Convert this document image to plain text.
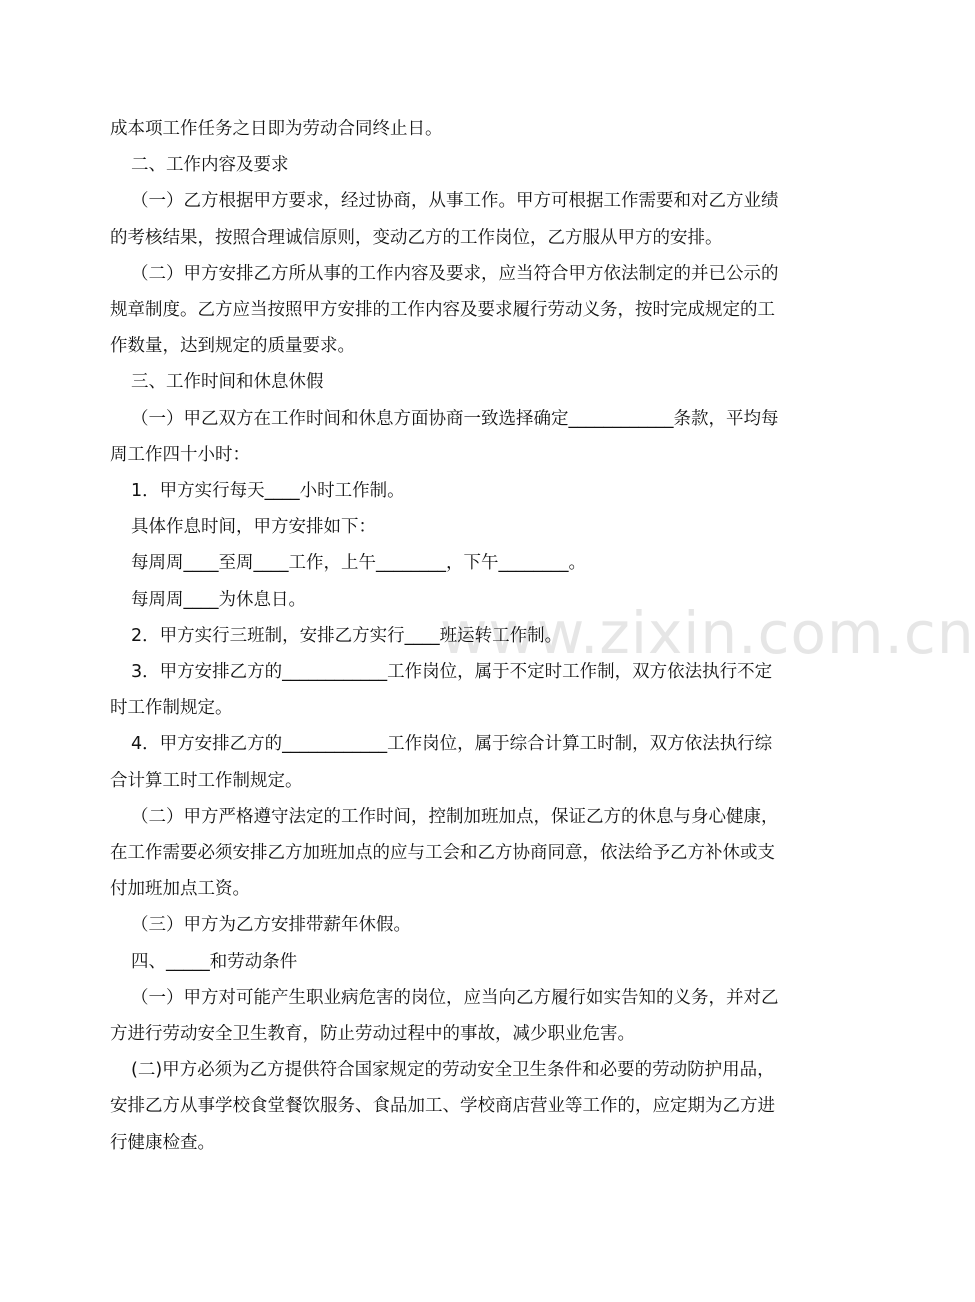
www.zixin.com.cn
成本项工作任务之日即为劳动合同终止日。
二、工作内容及要求
（一）乙方根据甲方要求，经过协商，从事工作。甲方可根据工作需要和对乙方业绩
的考核结果，按照合理诚信原则，变动乙方的工作岗位，乙方服从甲方的安排。
（二）甲方安排乙方所从事的工作内容及要求，应当符合甲方依法制定的并已公示的
规章制度。乙方应当按照甲方安排的工作内容及要求履行劳动义务，按时完成规定的工
作数量，达到规定的质量要求。
三、工作时间和休息休假
（一）甲乙双方在工作时间和休息方面协商一致选择确定____________条款，平均每
周工作四十小时：
1．甲方实行每天____小时工作制。
具体作息时间，甲方安排如下：
每周周____至周____工作，上午________，下午________。
每周周____为休息日。
2．甲方实行三班制，安排乙方实行____班运转工作制。
3．甲方安排乙方的____________工作岗位，属于不定时工作制，双方依法执行不定
时工作制规定。
4．甲方安排乙方的____________工作岗位，属于综合计算工时制，双方依法执行综
合计算工时工作制规定。
（二）甲方严格遵守法定的工作时间，控制加班加点，保证乙方的休息与身心健康，
在工作需要必须安排乙方加班加点的应与工会和乙方协商同意，依法给予乙方补休或支
付加班加点工资。
（三）甲方为乙方安排带薪年休假。
四、_____和劳动条件
（一）甲方对可能产生职业病危害的岗位，应当向乙方履行如实告知的义务，并对乙
方进行劳动安全卫生教育，防止劳动过程中的事故，减少职业危害。
(二)甲方必须为乙方提供符合国家规定的劳动安全卫生条件和必要的劳动防护用品，
安排乙方从事学校食堂餐饮服务、食品加工、学校商店营业等工作的，应定期为乙方进
行健康检查。
